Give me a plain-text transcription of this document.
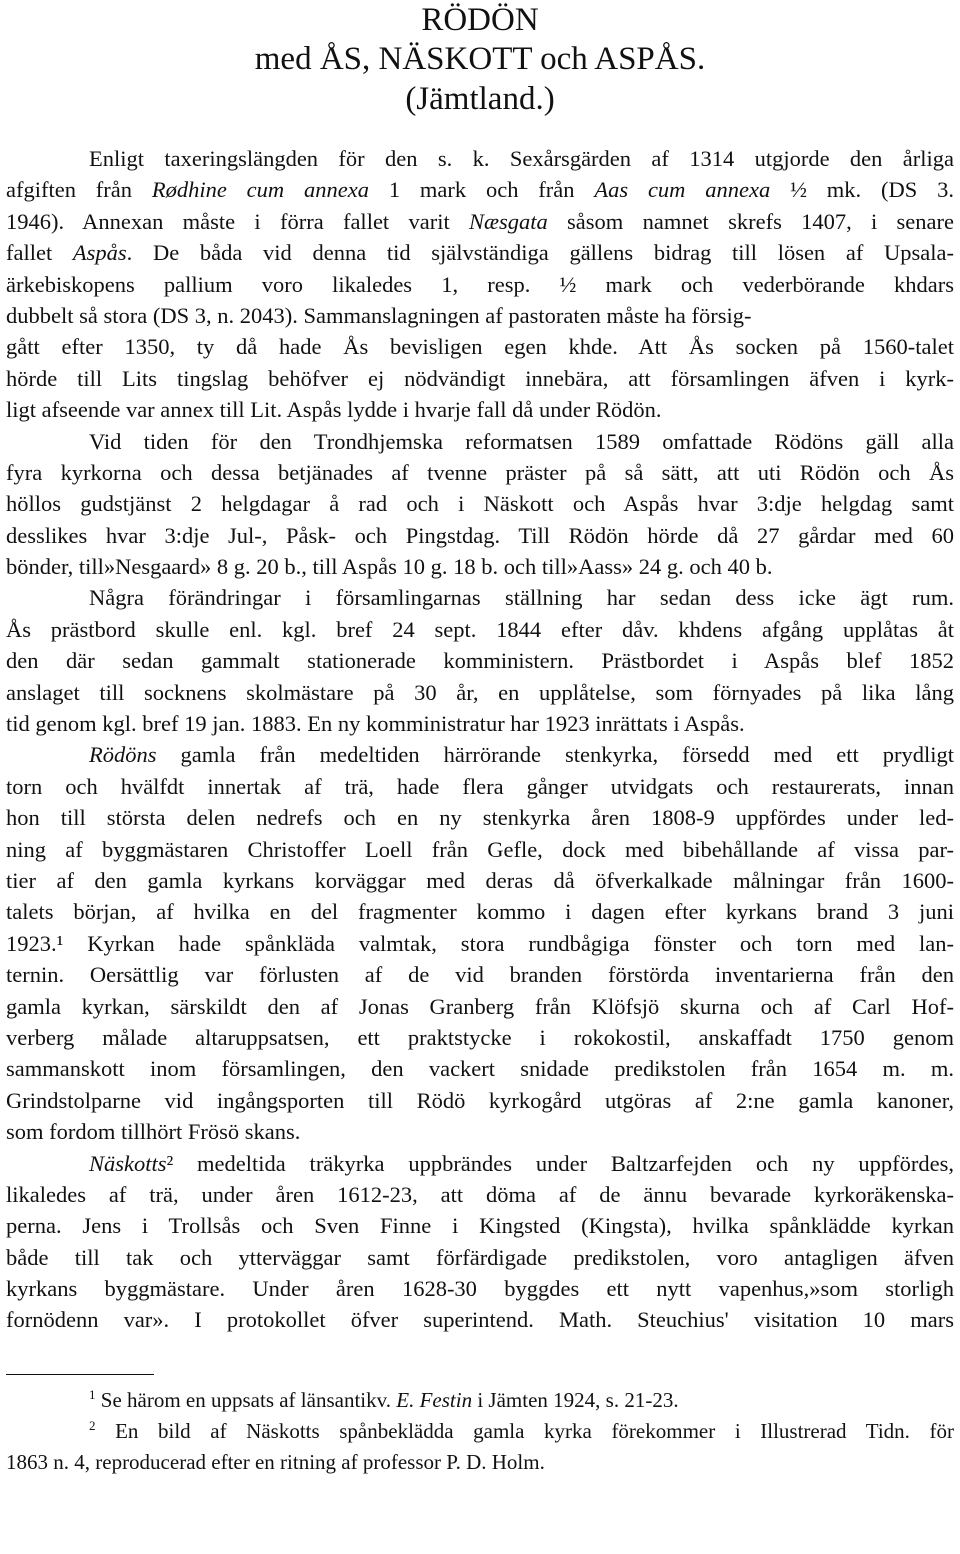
RÖDÖN
med ÅS, NÄSKOTT och ASPÅS.
(Jämtland.)
Enligt taxeringslängden för den s. k. Sexårsgärden af 1314 utgjorde den årliga
afgiften från Rødhine cum annexa 1 mark och från Aas cum annexa ½ mk. (DS 3.
1946). Annexan måste i förra fallet varit Næsgata såsom namnet skrefs 1407, i senare
fallet Aspås. De båda vid denna tid självständiga gällens bidrag till lösen af Upsala-
ärkebiskopens pallium voro likaledes 1, resp. ½ mark och vederbörande khdars
dubbelt så stora (DS 3, n. 2043). Sammanslagningen af pastoraten måste ha försig-
gått efter 1350, ty då hade Ås bevisligen egen khde. Att Ås socken på 1560-talet
hörde till Lits tingslag behöfver ej nödvändigt innebära, att församlingen äfven i kyrk-
ligt afseende var annex till Lit. Aspås lydde i hvarje fall då under Rödön.
Vid tiden för den Trondhjemska reformatsen 1589 omfattade Rödöns gäll alla
fyra kyrkorna och dessa betjänades af tvenne präster på så sätt, att uti Rödön och Ås
höllos gudstjänst 2 helgdagar å rad och i Näskott och Aspås hvar 3:dje helgdag samt
desslikes hvar 3:dje Jul-, Påsk- och Pingstdag. Till Rödön hörde då 27 gårdar med 60
bönder, till»Nesgaard» 8 g. 20 b., till Aspås 10 g. 18 b. och till»Aass» 24 g. och 40 b.
Några förändringar i församlingarnas ställning har sedan dess icke ägt rum.
Ås prästbord skulle enl. kgl. bref 24 sept. 1844 efter dåv. khdens afgång upplåtas åt
den där sedan gammalt stationerade komministern. Prästbordet i Aspås blef 1852
anslaget till socknens skolmästare på 30 år, en upplåtelse, som förnyades på lika lång
tid genom kgl. bref 19 jan. 1883. En ny komministratur har 1923 inrättats i Aspås.
Rödöns gamla från medeltiden härrörande stenkyrka, försedd med ett prydligt
torn och hvälfdt innertak af trä, hade flera gånger utvidgats och restaurerats, innan
hon till största delen nedrefs och en ny stenkyrka åren 1808-9 uppfördes under led-
ning af byggmästaren Christoffer Loell från Gefle, dock med bibehållande af vissa par-
tier af den gamla kyrkans korväggar med deras då öfverkalkade målningar från 1600-
talets början, af hvilka en del fragmenter kommo i dagen efter kyrkans brand 3 juni
1923.¹ Kyrkan hade spånkläda valmtak, stora rundbågiga fönster och torn med lan-
ternin. Oersättlig var förlusten af de vid branden förstörda inventarierna från den
gamla kyrkan, särskildt den af Jonas Granberg från Klöfsjö skurna och af Carl Hof-
verberg målade altaruppsatsen, ett praktstycke i rokokostil, anskaffadt 1750 genom
sammanskott inom församlingen, den vackert snidade predikstolen från 1654 m. m.
Grindstolparne vid ingångsporten till Rödö kyrkogård utgöras af 2:ne gamla kanoner,
som fordom tillhört Frösö skans.
Näskotts² medeltida träkyrka uppbrändes under Baltzarfejden och ny uppfördes,
likaledes af trä, under åren 1612-23, att döma af de ännu bevarade kyrkoräkenska-
perna. Jens i Trollsås och Sven Finne i Kingsted (Kingsta), hvilka spånklädde kyrkan
både till tak och ytterväggar samt förfärdigade predikstolen, voro antagligen äfven
kyrkans byggmästare. Under åren 1628-30 byggdes ett nytt vapenhus,»som storligh
fornödenn var». I protokollet öfver superintend. Math. Steuchius' visitation 10 mars
$^1$ Se härom en uppsats af länsantikv. E. Festin i Jämten 1924, s. 21-23.
$^2$ En bild af Näskotts spånbeklädda gamla kyrka förekommer i Illustrerad Tidn. för
1863 n. 4, reproducerad efter en ritning af professor P. D. Holm.
